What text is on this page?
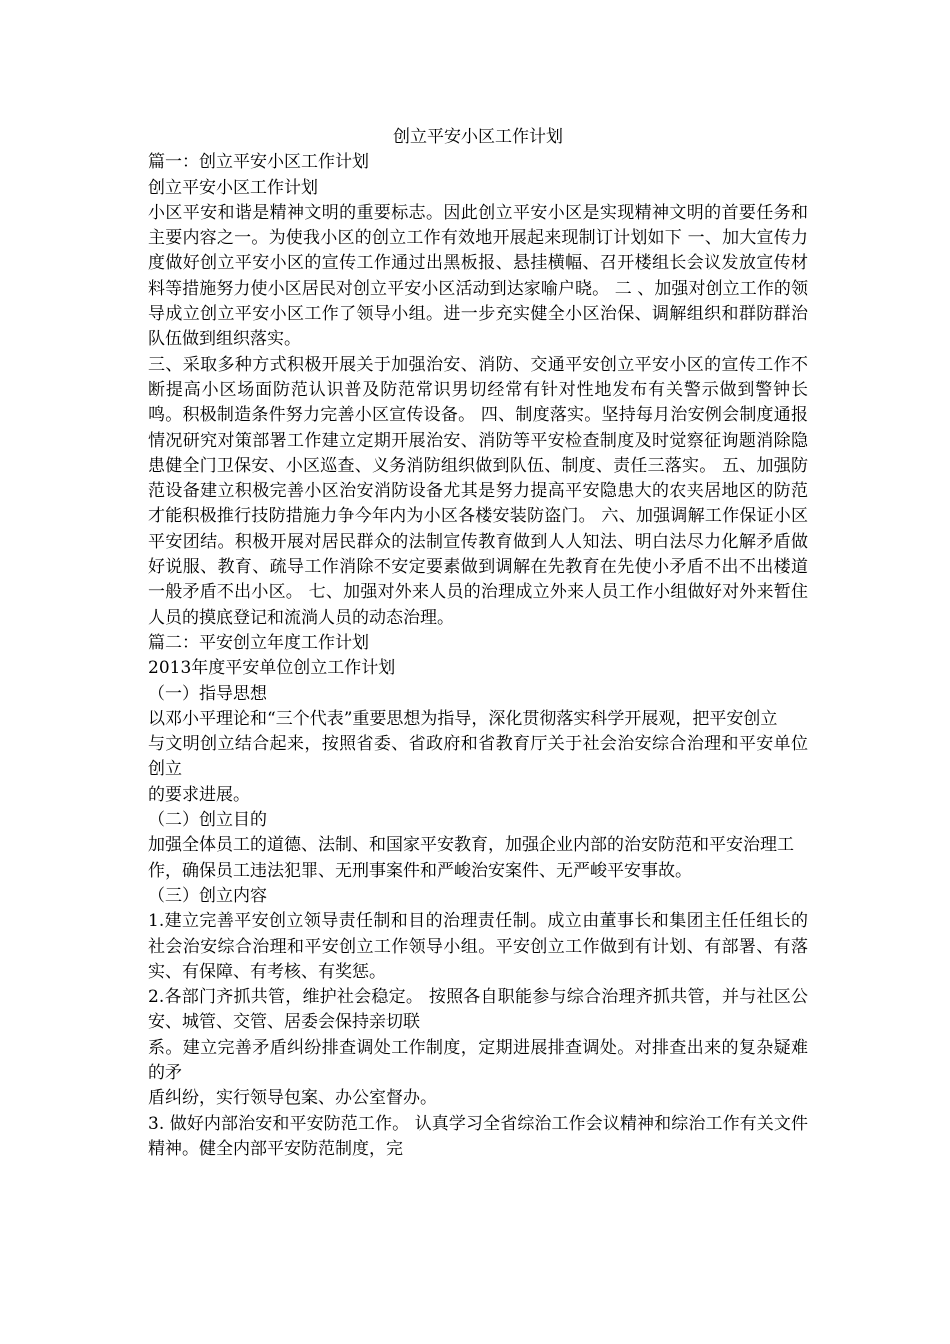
创立平安小区工作计划

篇一：创立平安小区工作计划

创立平安小区工作计划

小区平安和谐是精神文明的重要标志。因此创立平安小区是实现精神文明的首要任务和主要内容之一。为使我小区的创立工作有效地开展起来现制订计划如下 一、加大宣传力度做好创立平安小区的宣传工作通过出黑板报、悬挂横幅、召开楼组长会议发放宣传材料等措施努力使小区居民对创立平安小区活动到达家喻户晓。 二 、加强对创立工作的领导成立创立平安小区工作了领导小组。进一步充实健全小区治保、调解组织和群防群治队伍做到组织落实。

三、采取多种方式积极开展关于加强治安、消防、交通平安创立平安小区的宣传工作不断提高小区场面防范认识普及防范常识男切经常有针对性地发布有关警示做到警钟长鸣。积极制造条件努力完善小区宣传设备。 四、制度落实。坚持每月治安例会制度通报情况研究对策部署工作建立定期开展治安、消防等平安检查制度及时觉察征询题消除隐患健全门卫保安、小区巡查、义务消防组织做到队伍、制度、责任三落实。 五、加强防范设备建立积极完善小区治安消防设备尤其是努力提高平安隐患大的农夹居地区的防范才能积极推行技防措施力争今年内为小区各楼安装防盗门。 六、加强调解工作保证小区平安团结。积极开展对居民群众的法制宣传教育做到人人知法、明白法尽力化解矛盾做好说服、教育、疏导工作消除不安定要素做到调解在先教育在先使小矛盾不出不出楼道一般矛盾不出小区。 七、加强对外来人员的治理成立外来人员工作小组做好对外来暂住人员的摸底登记和流淌人员的动态治理。

篇二：平安创立年度工作计划

2013年度平安单位创立工作计划

（一）指导思想

以邓小平理论和“三个代表”重要思想为指导，深化贯彻落实科学开展观，把平安创立

与文明创立结合起来，按照省委、省政府和省教育厅关于社会治安综合治理和平安单位创立

的要求进展。

（二）创立目的

加强全体员工的道德、法制、和国家平安教育，加强企业内部的治安防范和平安治理工

作，确保员工违法犯罪、无刑事案件和严峻治安案件、无严峻平安事故。

（三）创立内容

1.建立完善平安创立领导责任制和目的治理责任制。成立由董事长和集团主任任组长的社会治安综合治理和平安创立工作领导小组。平安创立工作做到有计划、有部署、有落实、有保障、有考核、有奖惩。

2.各部门齐抓共管，维护社会稳定。 按照各自职能参与综合治理齐抓共管，并与社区公安、城管、交管、居委会保持亲切联

系。建立完善矛盾纠纷排查调处工作制度，定期进展排查调处。对排查出来的复杂疑难的矛

盾纠纷，实行领导包案、办公室督办。

3. 做好内部治安和平安防范工作。 认真学习全省综治工作会议精神和综治工作有关文件精神。健全内部平安防范制度，完
